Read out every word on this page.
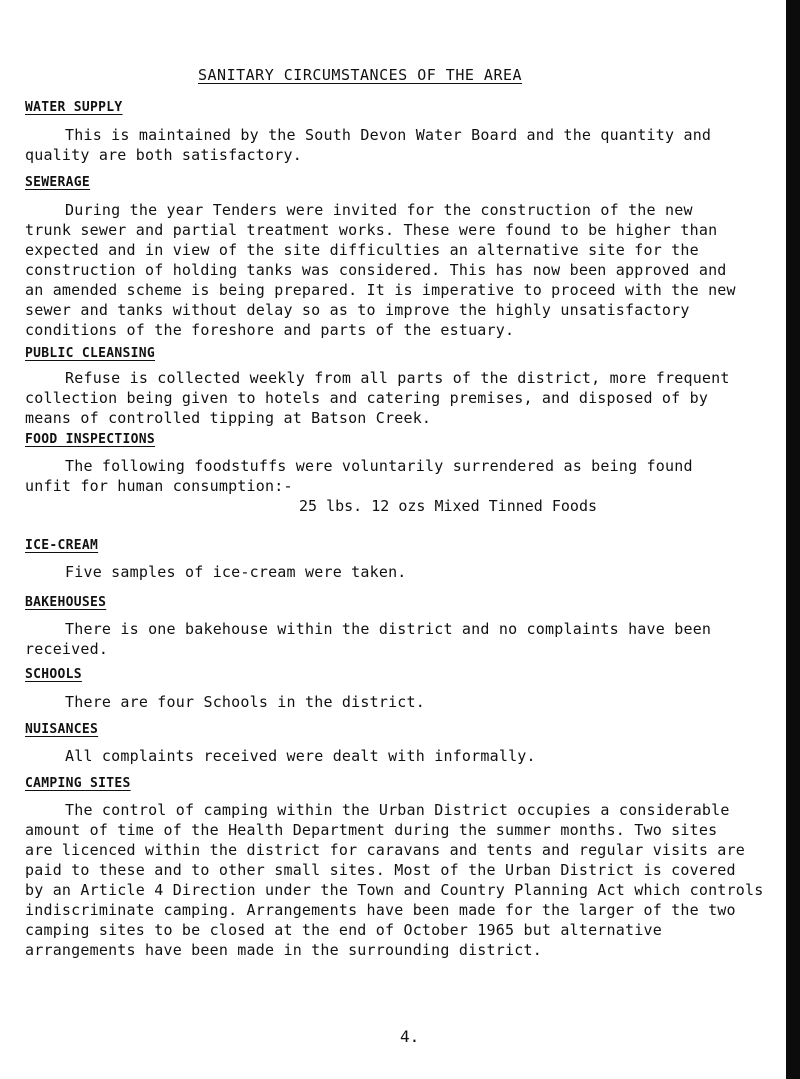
SANITARY CIRCUMSTANCES OF THE AREA
WATER SUPPLY
This is maintained by the South Devon Water Board and the quantity and
quality are both satisfactory.
SEWERAGE
During the year Tenders were invited for the construction of the new
trunk sewer and partial treatment works. These were found to be higher than
expected and in view of the site difficulties an alternative site for the
construction of holding tanks was considered. This has now been approved and
an amended scheme is being prepared. It is imperative to proceed with the new
sewer and tanks without delay so as to improve the highly unsatisfactory
conditions of the foreshore and parts of the estuary.
PUBLIC CLEANSING
Refuse is collected weekly from all parts of the district, more frequent
collection being given to hotels and catering premises, and disposed of by
means of controlled tipping at Batson Creek.
FOOD INSPECTIONS
The following foodstuffs were voluntarily surrendered as being found
unfit for human consumption:-
25 lbs. 12 ozs Mixed Tinned Foods
ICE-CREAM
Five samples of ice-cream were taken.
BAKEHOUSES
There is one bakehouse within the district and no complaints have been
received.
SCHOOLS
There are four Schools in the district.
NUISANCES
All complaints received were dealt with informally.
CAMPING SITES
The control of camping within the Urban District occupies a considerable
amount of time of the Health Department during the summer months. Two sites
are licenced within the district for caravans and tents and regular visits are
paid to these and to other small sites. Most of the Urban District is covered
by an Article 4 Direction under the Town and Country Planning Act which controls
indiscriminate camping. Arrangements have been made for the larger of the two
camping sites to be closed at the end of October 1965 but alternative
arrangements have been made in the surrounding district.
4.
